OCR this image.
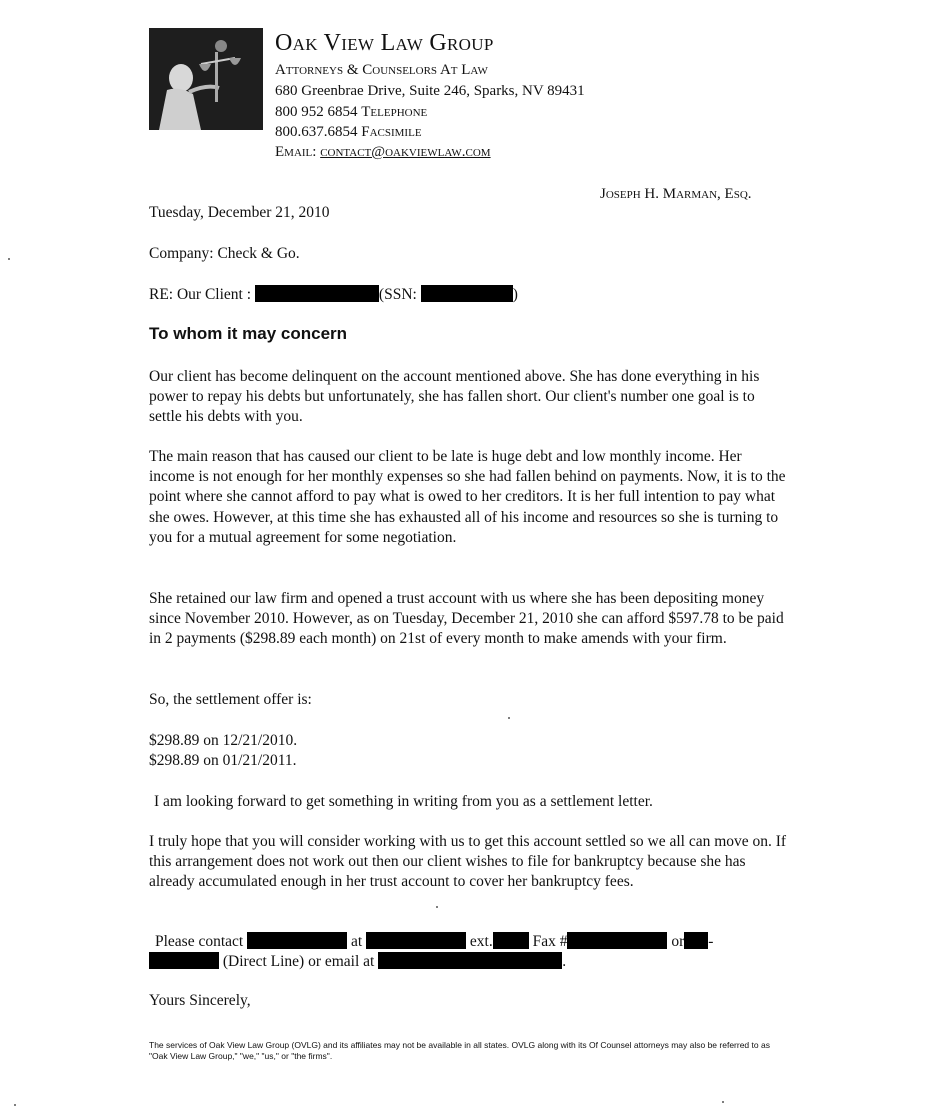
Oak View Law Group
Attorneys & Counselors At Law
680 Greenbrae Drive, Suite 246, Sparks, NV 89431
800 952 6854 Telephone
800.637.6854 Facsimile
Email: contact@oakviewlaw.com
Joseph H. Marman, Esq.
Tuesday, December 21, 2010
Company: Check & Go.
RE: Our Client :	(SSN:	)
To whom it may concern
Our client has become delinquent on the account mentioned above. She has done everything in his power to repay his debts but unfortunately, she has fallen short. Our client's number one goal is to settle his debts with you.
The main reason that has caused our client to be late is huge debt and low monthly income. Her income is not enough for her monthly expenses so she had fallen behind on payments. Now, it is to the point where she cannot afford to pay what is owed to her creditors. It is her full intention to pay what she owes. However, at this time she has exhausted all of his income and resources so she is turning to you for a mutual agreement for some negotiation.
She retained our law firm and opened a trust account with us where she has been depositing money since November 2010. However, as on Tuesday, December 21, 2010 she can afford $597.78 to be paid in 2 payments ($298.89 each month) on 21st of every month to make amends with your firm.
So, the settlement offer is:
$298.89 on 12/21/2010.
$298.89 on 01/21/2011.
I am looking forward to get something in writing from you as a settlement letter.
I truly hope that you will consider working with us to get this account settled so we all can move on. If this arrangement does not work out then our client wishes to file for bankruptcy because she has already accumulated enough in her trust account to cover her bankruptcy fees.
Please contact	at	ext.	Fax #	or -
(Direct Line) or email at	.
Yours Sincerely,
The services of Oak View Law Group (OVLG) and its affiliates may not be available in all states. OVLG along with its Of Counsel attorneys may also be referred to as "Oak View Law Group," "we," "us," or "the firms".
